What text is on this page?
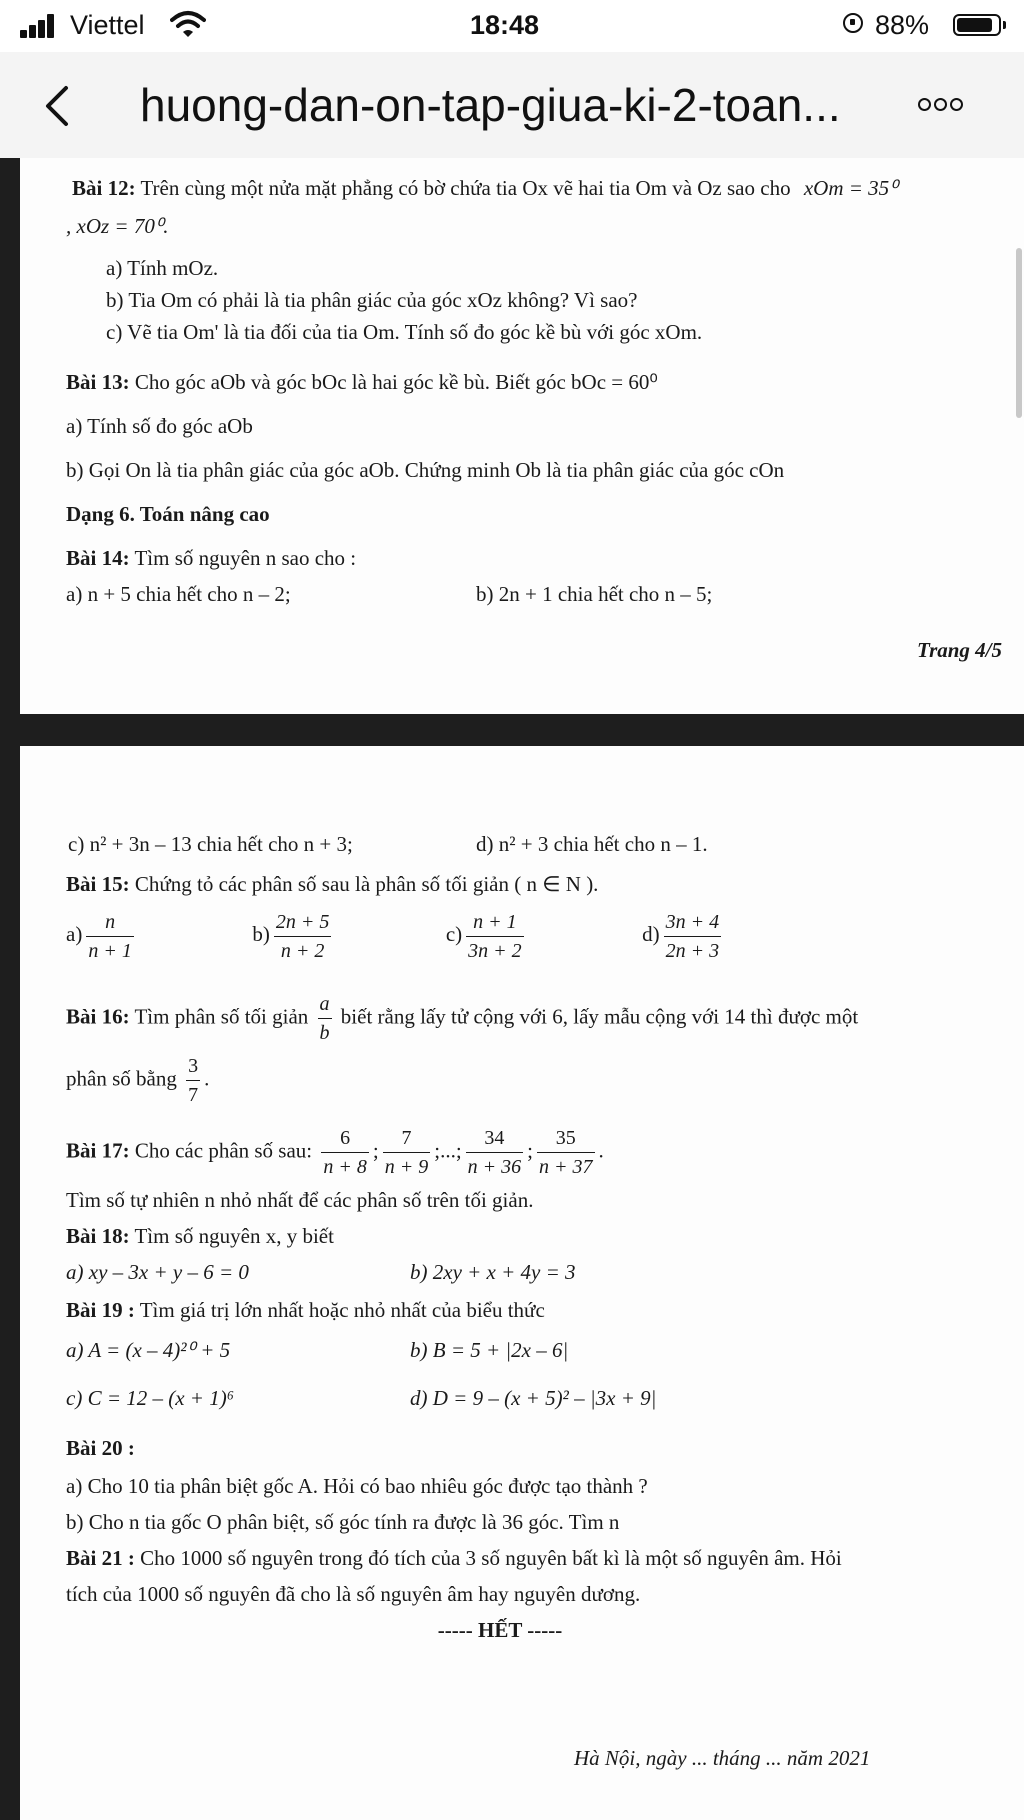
Viettel	18:48	88%
huong-dan-on-tap-giua-ki-2-toan...
Bài 12: Trên cùng một nửa mặt phẳng có bờ chứa tia Ox vẽ hai tia Om và Oz sao cho xOm = 35⁰
, xOz = 70⁰.
a) Tính mOz.
b) Tia Om có phải là tia phân giác của góc xOz không? Vì sao?
c) Vẽ tia Om' là tia đối của tia Om. Tính số đo góc kề bù với góc xOm.
Bài 13: Cho góc aOb và góc bOc là hai góc kề bù. Biết góc bOc = 60⁰
a) Tính số đo góc aOb
b) Gọi On là tia phân giác của góc aOb. Chứng minh Ob là tia phân giác của góc cOn
Dạng 6. Toán nâng cao
Bài 14: Tìm số nguyên n sao cho :
a) n + 5 chia hết cho n – 2;	b) 2n + 1 chia hết cho n – 5;
Trang 4/5
c) n² + 3n – 13 chia hết cho n + 3;	d) n² + 3 chia hết cho n – 1.
Bài 15: Chứng tỏ các phân số sau là phân số tối giản ( n ∈ N ).
$a) \frac{n}{n + 1}$	$b) \frac{2n + 5}{n + 2}$	$c) \frac{n + 1}{3n + 2}$	$d) \frac{3n + 4}{2n + 3}$
Bài 16: Tìm phân số tối giản $\frac{a}{b}$ biết rằng lấy tử cộng với 6, lấy mẫu cộng với 14 thì được một
phân số bằng $\frac{3}{7}$ .
Bài 17: Cho các phân số sau: $\frac{6}{n + 8}$ ; $\frac{7}{n + 9}$ ;...; $\frac{34}{n + 36}$ ; $\frac{35}{n + 37}$ .
Tìm số tự nhiên n nhỏ nhất để các phân số trên tối giản.
Bài 18: Tìm số nguyên x, y biết
a) xy – 3x + y – 6 = 0	b) 2xy + x + 4y = 3
Bài 19 : Tìm giá trị lớn nhất hoặc nhỏ nhất của biểu thức
a) A = (x – 4)²⁰ + 5	b) B = 5 + |2x – 6|
c) C = 12 – (x + 1)⁶	d) D = 9 – (x + 5)² – |3x + 9|
Bài 20 :
a) Cho 10 tia phân biệt gốc A. Hỏi có bao nhiêu góc được tạo thành ?
b) Cho n tia gốc O phân biệt, số góc tính ra được là 36 góc. Tìm n
Bài 21 : Cho 1000 số nguyên trong đó tích của 3 số nguyên bất kì là một số nguyên âm. Hỏi
tích của 1000 số nguyên đã cho là số nguyên âm hay nguyên dương.
----- HẾT -----
Hà Nội, ngày ... tháng ... năm 2021
